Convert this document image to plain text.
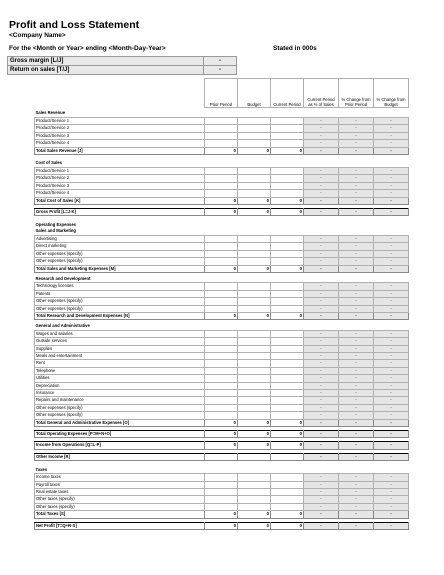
Profit and Loss Statement
<Company Name>
For the <Month or Year> ending <Month-Day-Year>	Stated in 000s
Gross margin [L/J]	-
Return on sales [T/J]	-
	Prior Period	Budget	Current Period	Current Period as % of Sales	% Change from Prior Period	% Change from Budget
Sales Revenue						
Product/Service 1				-	-	-
Product/Service 2				-	-	-
Product/Service 3				-	-	-
Product/Service 4				-	-	-
Total Sales Revenue [J]	0	0	0	-	-	-

Cost of Sales						
Product/Service 1				-	-	-
Product/Service 2				-	-	-
Product/Service 3				-	-	-
Product/Service 4				-	-	-
Total Cost of Sales [K]	0	0	0	-	-	-

Gross Profit [L=J-K]	0	0	0	-	-	-

Operating Expenses						
Sales and Marketing						
Advertising				-	-	-
Direct marketing				-	-	-
Other expenses (specify)				-	-	-
Other expenses (specify)				-	-	-
Total Sales and Marketing Expenses [M]	0	0	0	-	-	-

Research and Development						
Technology licenses				-	-	-
Patents				-	-	-
Other expenses (specify)				-	-	-
Other expenses (specify)				-	-	-
Total Research and Development Expenses [N]	0	0	0	-	-	-

General and Administrative						
Wages and salaries				-	-	-
Outside services				-	-	-
Supplies				-	-	-
Meals and entertainment				-	-	-
Rent				-	-	-
Telephone				-	-	-
Utilities				-	-	-
Depreciation				-	-	-
Insurance				-	-	-
Repairs and maintenance				-	-	-
Other expenses (specify)				-	-	-
Other expenses (specify)				-	-	-
Total General and Administrative Expenses [O]	0	0	0	-	-	-

Total Operating Expenses [P=M+N+O]	0	0	0	-	-	-

Income from Operations [Q=L-P]	0	0	0	-	-	-

Other Income [R]				-	-	-

Taxes						
Income taxes				-	-	-
Payroll taxes				-	-	-
Real estate taxes				-	-	-
Other taxes (specify)				-	-	-
Other taxes (specify)				-	-	-
Total Taxes [S]	0	0	0	-	-	-

Net Profit [T=Q+R-S]	0	0	0	-	-	-
